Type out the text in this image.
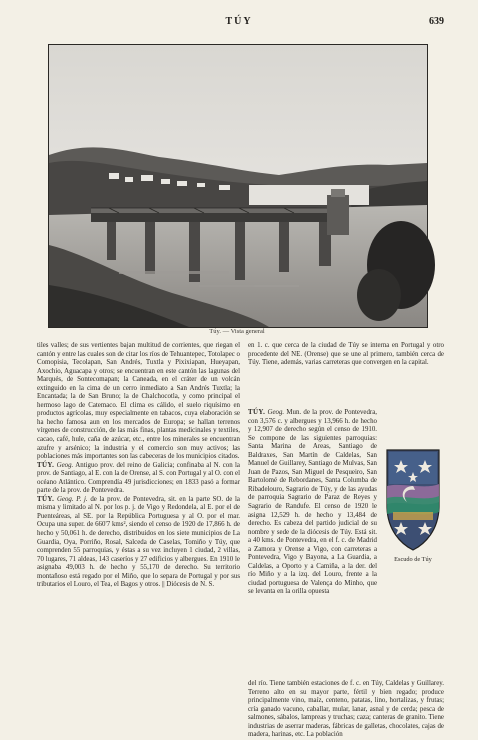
TÚY	639
Túy. — Vista general

tiles valles; de sus vertientes bajan multitud de corrientes, que riegan el cantón y entre las cuales son de citar los ríos de Tehuantepec, Totolapec o Comopisia, Tecolapan, San Andrés, Tuxtla y Pixixiapan, Hueyapan, Axochio, Aguacapa y otros; se encuentran en este cantón las lagunas del Marqués, de Sontecomapan; la Caneada, en el cráter de un volcán extinguido en la cima de un cerro inmediato a San Andrés Tuxtla; la Encantada; la de San Bruno; la de Chalchocotla, y como principal el hermoso lago de Catemaco. El clima es cálido, el suelo riquísimo en productos agrícolas, muy especialmente en tabacos, cuya elaboración se ha hecho famosa aun en los mercados de Europa; se hallan terrenos vírgenes de construcción, de las más finas, plantas medicinales y textiles, cacao, café, hule, caña de azúcar, etc., entre los minerales se encuentran azufre y arsénico; la industria y el comercio son muy activos; las poblaciones más importantes son las cabeceras de los municipios citados.

TÚY. Geog. Antiguo prov. del reino de Galicia; confinaba al N. con la prov. de Santiago, al E. con la de Orense, al S. con Portugal y al O. con el océano Atlántico. Comprendía 49 jurisdicciones; en 1833 pasó a formar parte de la prov. de Pontevedra.

TÚY. Geog. P. j. de la prov. de Pontevedra, sit. en la parte SO. de la misma y limitado al N. por los p. j. de Vigo y Redondela, al E. por el de Puenteáreas, al SE. por la República Portuguesa y al O. por el mar. Ocupa una super. de 660'7 kms², siendo el censo de 1920 de 17,866 h. de hecho y 50,061 h. de derecho, distribuidos en los siete municipios de La Guardia, Oya, Porriño, Rosal, Salceda de Caselas, Tomiño y Túy, que comprenden 55 parroquias, y éstas a su vez incluyen 1 ciudad, 2 villas, 70 lugares, 71 aldeas, 143 caseríos y 27 edificios y albergues. En 1910 le asignaba 49,003 h. de hecho y 55,170 de derecho. Su territorio montañoso está regado por el Miño, que lo separa de Portugal y por sus tributarios el Louro, el Tea, el Bagos y otros. || Diócesis de N. S.

en 1. c. que cerca de la ciudad de Túy se interna en Portugal y otro procedente del NE. (Orense) que se une al primero, también cerca de Túy. Tiene, además, varias carreteras que convergen en la capital.

TÚY. Geog. Mun. de la prov. de Pontevedra, con 3,576 c. y albergues y 13,966 h. de hecho y 12,907 de derecho según el censo de 1910. Se compone de las siguientes parroquias: Santa Marina de Areas, Santiago de Baldraxes, San Martín de Caldelas, San Manuel de Guillarey, Santiago de Mulvas, San Juan de Pazos, San Miguel de Pesqueiro, San Bartolomé de Rebordanes, Santa Columba de Ribadelouro, Sagrario de Túy, y de las ayudas de parroquia Sagrario de Paraz de Reyes y Sagrario de Randufe. El censo de 1920 le asigna 12,529 h. de hecho y 13,484 de derecho. Es cabeza del partido judicial de su nombre y sede de la diócesis de Túy. Está sit. a 40 kms. de Pontevedra, en el f. c. de Madrid a Zamora y Orense a Vigo, con carreteras a Pontevedra, Vigo y Bayona, a La Guardia, a Caldelas, a Oporto y a Camiña, a la der. del río Miño y a la izq. del Louro, frente a la ciudad portuguesa de Valença do Minho, que se levanta en la orilla opuesta

Escudo de Túy

del río. Tiene también estaciones de f. c. en Túy, Caldelas y Guillarey. Terreno alto en su mayor parte, fértil y bien regado; produce principalmente vino, maíz, centeno, patatas, lino, hortalizas, y frutas; cría ganado vacuno, caballar, mular, lanar, asnal y de cerda; pesca de salmones, sábalos, lampreas y truchas; caza; canteras de granito. Tiene industrias de aserrar maderas, fábricas de galletas, chocolates, cajas de madera, harinas, etc. La población
